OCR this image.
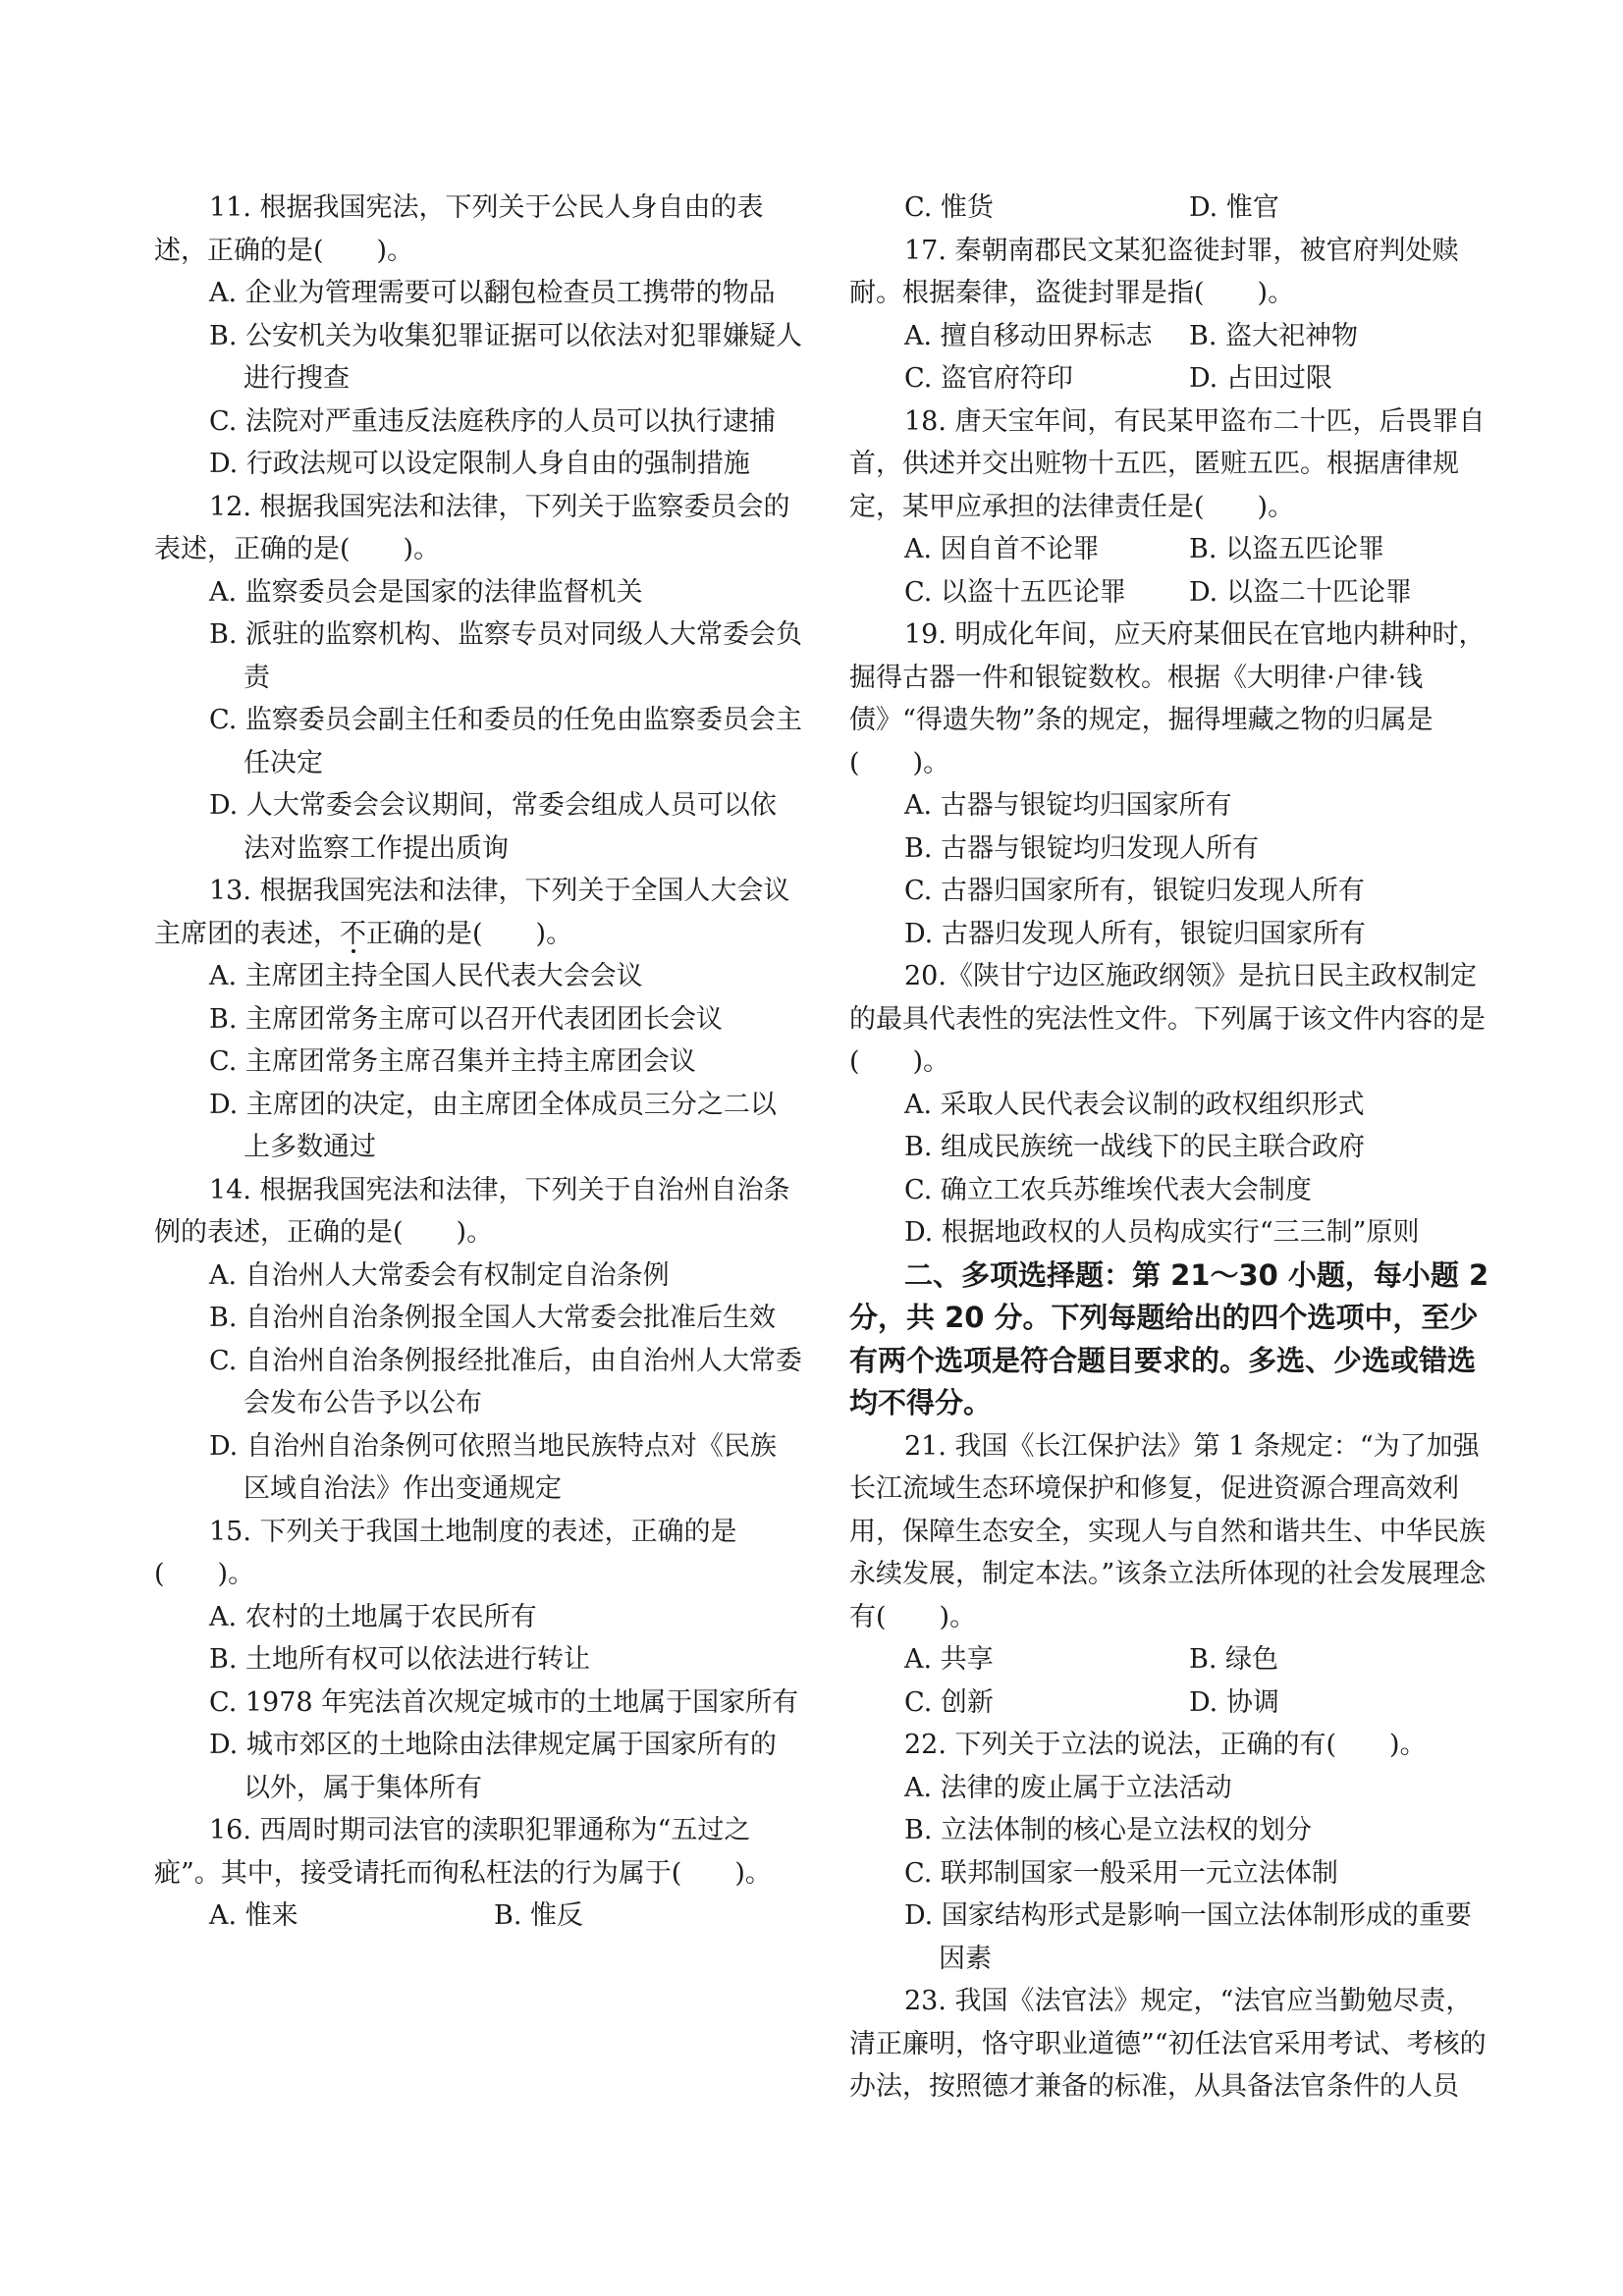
11. 根据我国宪法，下列关于公民人身自由的表述，正确的是(　　)。

A. 企业为管理需要可以翻包检查员工携带的物品

B. 公安机关为收集犯罪证据可以依法对犯罪嫌疑人进行搜查

C. 法院对严重违反法庭秩序的人员可以执行逮捕

D. 行政法规可以设定限制人身自由的强制措施

12. 根据我国宪法和法律，下列关于监察委员会的表述，正确的是(　　)。

A. 监察委员会是国家的法律监督机关

B. 派驻的监察机构、监察专员对同级人大常委会负责

C. 监察委员会副主任和委员的任免由监察委员会主任决定

D. 人大常委会会议期间，常委会组成人员可以依法对监察工作提出质询

13. 根据我国宪法和法律，下列关于全国人大会议主席团的表述，不正确的是(　　)。

A. 主席团主持全国人民代表大会会议

B. 主席团常务主席可以召开代表团团长会议

C. 主席团常务主席召集并主持主席团会议

D. 主席团的决定，由主席团全体成员三分之二以上多数通过

14. 根据我国宪法和法律，下列关于自治州自治条例的表述，正确的是(　　)。

A. 自治州人大常委会有权制定自治条例

B. 自治州自治条例报全国人大常委会批准后生效

C. 自治州自治条例报经批准后，由自治州人大常委会发布公告予以公布

D. 自治州自治条例可依照当地民族特点对《民族区域自治法》作出变通规定

15. 下列关于我国土地制度的表述，正确的是(　　)。

A. 农村的土地属于农民所有

B. 土地所有权可以依法进行转让

C. 1978 年宪法首次规定城市的土地属于国家所有

D. 城市郊区的土地除由法律规定属于国家所有的以外，属于集体所有

16. 西周时期司法官的渎职犯罪通称为“五过之疵”。其中，接受请托而徇私枉法的行为属于(　　)。

A. 惟来	B. 惟反
C. 惟货	D. 惟官

17. 秦朝南郡民文某犯盗徙封罪，被官府判处赎耐。根据秦律，盗徙封罪是指(　　)。

A. 擅自移动田界标志	B. 盗大祀神物
C. 盗官府符印	D. 占田过限

18. 唐天宝年间，有民某甲盗布二十匹，后畏罪自首，供述并交出赃物十五匹，匿赃五匹。根据唐律规定，某甲应承担的法律责任是(　　)。

A. 因自首不论罪	B. 以盗五匹论罪
C. 以盗十五匹论罪	D. 以盗二十匹论罪

19. 明成化年间，应天府某佃民在官地内耕种时，掘得古器一件和银锭数枚。根据《大明律·户律·钱债》“得遗失物”条的规定，掘得埋藏之物的归属是(　　)。

A. 古器与银锭均归国家所有

B. 古器与银锭均归发现人所有

C. 古器归国家所有，银锭归发现人所有

D. 古器归发现人所有，银锭归国家所有

20.《陕甘宁边区施政纲领》是抗日民主政权制定的最具代表性的宪法性文件。下列属于该文件内容的是(　　)。

A. 采取人民代表会议制的政权组织形式

B. 组成民族统一战线下的民主联合政府

C. 确立工农兵苏维埃代表大会制度

D. 根据地政权的人员构成实行“三三制”原则

二、多项选择题：第 21～30 小题，每小题 2 分，共 20 分。下列每题给出的四个选项中，至少有两个选项是符合题目要求的。多选、少选或错选均不得分。

21. 我国《长江保护法》第 1 条规定：“为了加强长江流域生态环境保护和修复，促进资源合理高效利用，保障生态安全，实现人与自然和谐共生、中华民族永续发展，制定本法。”该条立法所体现的社会发展理念有(　　)。

A. 共享	B. 绿色
C. 创新	D. 协调

22. 下列关于立法的说法，正确的有(　　)。

A. 法律的废止属于立法活动

B. 立法体制的核心是立法权的划分

C. 联邦制国家一般采用一元立法体制

D. 国家结构形式是影响一国立法体制形成的重要因素

23. 我国《法官法》规定，“法官应当勤勉尽责，清正廉明，恪守职业道德”“初任法官采用考试、考核的办法，按照德才兼备的标准，从具备法官条件的人员
